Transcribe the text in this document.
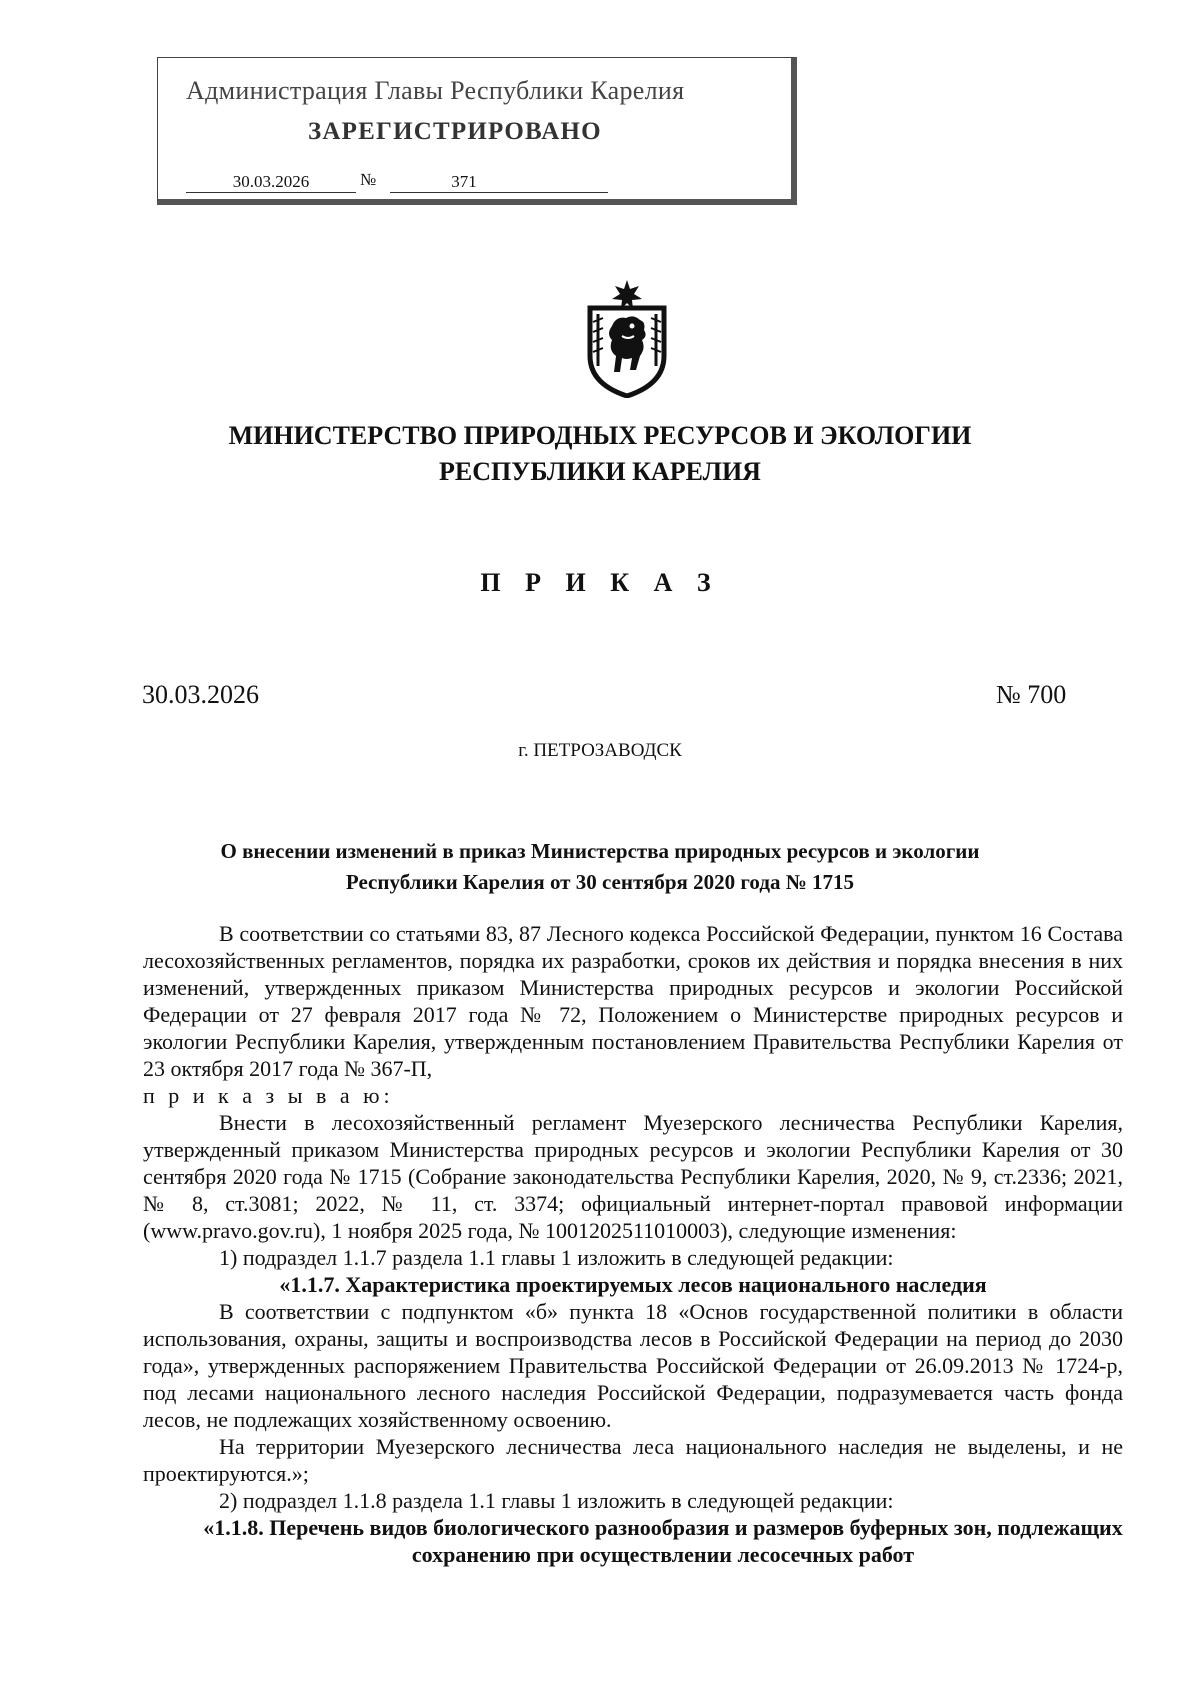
Администрация Главы Республики Карелия
ЗАРЕГИСТРИРОВАНО
30.03.2026	№	371
МИНИСТЕРСТВО ПРИРОДНЫХ РЕСУРСОВ И ЭКОЛОГИИ
РЕСПУБЛИКИ КАРЕЛИЯ
П Р И К А З
30.03.2026	№ 700
г. ПЕТРОЗАВОДСК
О внесении изменений в приказ Министерства природных ресурсов и экологии
Республики Карелия от 30 сентября 2020 года № 1715

В соответствии со статьями 83, 87 Лесного кодекса Российской Федерации, пунктом 16 Состава лесохозяйственных регламентов, порядка их разработки, сроков их действия и порядка внесения в них изменений, утвержденных приказом Министерства природных ресурсов и экологии Российской Федерации от 27 февраля 2017 года № 72, Положением о Министерстве природных ресурсов и экологии Республики Карелия, утвержденным постановлением Правительства Республики Карелия от 23 октября 2017 года № 367-П,

п р и к а з ы в а ю:

Внести в лесохозяйственный регламент Муезерского лесничества Республики Карелия, утвержденный приказом Министерства природных ресурсов и экологии Республики Карелия от 30 сентября 2020 года № 1715 (Собрание законодательства Республики Карелия, 2020, № 9, ст.2336; 2021, № 8, ст.3081; 2022, № 11, ст. 3374; официальный интернет-портал правовой информации (www.pravo.gov.ru), 1 ноября 2025 года, № 1001202511010003), следующие изменения:

1) подраздел 1.1.7 раздела 1.1 главы 1 изложить в следующей редакции:

«1.1.7. Характеристика проектируемых лесов национального наследия

В соответствии с подпунктом «б» пункта 18 «Основ государственной политики в области использования, охраны, защиты и воспроизводства лесов в Российской Федерации на период до 2030 года», утвержденных распоряжением Правительства Российской Федерации от 26.09.2013 № 1724-р, под лесами национального лесного наследия Российской Федерации, подразумевается часть фонда лесов, не подлежащих хозяйственному освоению.

На территории Муезерского лесничества леса национального наследия не выделены, и не проектируются.»;

2) подраздел 1.1.8 раздела 1.1 главы 1 изложить в следующей редакции:

«1.1.8. Перечень видов биологического разнообразия и размеров буферных зон, подлежащих сохранению при осуществлении лесосечных работ
